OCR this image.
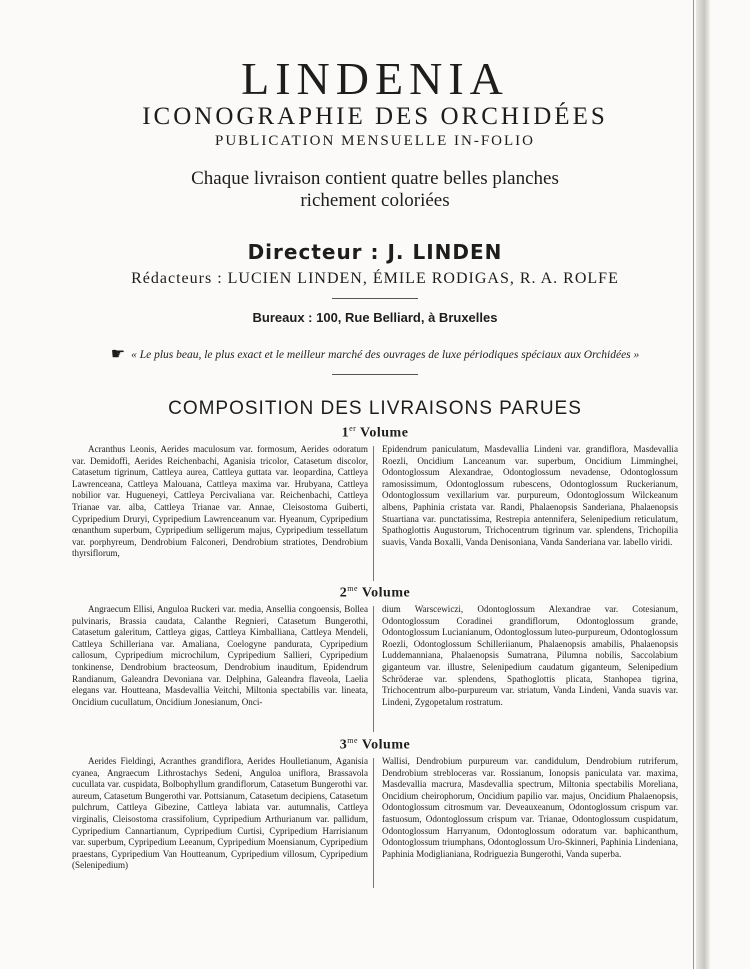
LINDENIA
ICONOGRAPHIE DES ORCHIDÉES
PUBLICATION MENSUELLE IN-FOLIO
Chaque livraison contient quatre belles planches
richement coloriées
Directeur : J. LINDEN
Rédacteurs : LUCIEN LINDEN, ÉMILE RODIGAS, R. A. ROLFE
Bureaux : 100, Rue Belliard, à Bruxelles
☛ « Le plus beau, le plus exact et le meilleur marché des ouvrages de luxe périodiques spéciaux aux Orchidées »
COMPOSITION DES LIVRAISONS PARUES
1er Volume

Acranthus Leonis, Aerides maculosum var. formosum, Aerides odoratum var. Demidoffi, Aerides Reichenbachi, Aganisia tricolor, Catasetum discolor, Catasetum tigrinum, Cattleya aurea, Cattleya guttata var. leopardina, Cattleya Lawrenceana, Cattleya Malouana, Cattleya maxima var. Hrubyana, Cattleya nobilior var. Hugueneyi, Cattleya Percivaliana var. Reichenbachi, Cattleya Trianae var. alba, Cattleya Trianae var. Annae, Cleisostoma Guiberti, Cypripedium Druryi, Cypripedium Lawrenceanum var. Hyeanum, Cypripedium œnanthum superbum, Cypripedium selligerum majus, Cypripedium tessellatum var. porphyreum, Dendrobium Falconeri, Dendrobium stratiotes, Dendrobium thyrsiflorum,

Epidendrum paniculatum, Masdevallia Lindeni var. grandiflora, Masdevallia Roezli, Oncidium Lanceanum var. superbum, Oncidium Limminghei, Odontoglossum Alexandrae, Odontoglossum nevadense, Odontoglossum ramosissimum, Odontoglossum rubescens, Odontoglossum Ruckerianum, Odontoglossum vexillarium var. purpureum, Odontoglossum Wilckeanum albens, Paphinia cristata var. Randi, Phalaenopsis Sanderiana, Phalaenopsis Stuartiana var. punctatissima, Restrepia antennifera, Selenipedium reticulatum, Spathoglottis Augustorum, Trichocentrum tigrinum var. splendens, Trichopilia suavis, Vanda Boxalli, Vanda Denisoniana, Vanda Sanderiana var. labello viridi.

$2^{me}$ Volume

Angraecum Ellisi, Anguloa Ruckeri var. media, Ansellia congoensis, Bollea pulvinaris, Brassia caudata, Calanthe Regnieri, Catasetum Bungerothi, Catasetum galeritum, Cattleya gigas, Cattleya Kimballiana, Cattleya Mendeli, Cattleya Schilleriana var. Amaliana, Coelogyne pandurata, Cypripedium callosum, Cypripedium microchilum, Cypripedium Sallieri, Cypripedium tonkinense, Dendrobium bracteosum, Dendrobium inauditum, Epidendrum Randianum, Galeandra Devoniana var. Delphina, Galeandra flaveola, Laelia elegans var. Houtteana, Masdevallia Veitchi, Miltonia spectabilis var. lineata, Oncidium cucullatum, Oncidium Jonesianum, Onci-

dium Warscewiczi, Odontoglossum Alexandrae var. Cotesianum, Odontoglossum Coradinei grandiflorum, Odontoglossum grande, Odontoglossum Lucianianum, Odontoglossum luteo-purpureum, Odontoglossum Roezli, Odontoglossum Schilleriianum, Phalaenopsis amabilis, Phalaenopsis Luddemanniana, Phalaenopsis Sumatrana, Pilumna nobilis, Saccolabium giganteum var. illustre, Selenipedium caudatum giganteum, Selenipedium Schröderae var. splendens, Spathoglottis plicata, Stanhopea tigrina, Trichocentrum albo-purpureum var. striatum, Vanda Lindeni, Vanda suavis var. Lindeni, Zygopetalum rostratum.

$3^{me}$ Volume

Aerides Fieldingi, Acranthes grandiflora, Aerides Houlletianum, Aganisia cyanea, Angraecum Lithrostachys Sedeni, Anguloa uniflora, Brassavola cucullata var. cuspidata, Bolbophyllum grandiflorum, Catasetum Bungerothi var. aureum, Catasetum Bungerothi var. Pottsianum, Catasetum decipiens, Catasetum pulchrum, Cattleya Gibezine, Cattleya labiata var. autumnalis, Cattleya virginalis, Cleisostoma crassifolium, Cypripedium Arthurianum var. pallidum, Cypripedium Cannartianum, Cypripedium Curtisi, Cypripedium Harrisianum var. superbum, Cypripedium Leeanum, Cypripedium Moensianum, Cypripedium praestans, Cypripedium Van Houtteanum, Cypripedium villosum, Cypripedium (Selenipedium)

Wallisi, Dendrobium purpureum var. candidulum, Dendrobium rutriferum, Dendrobium strebloceras var. Rossianum, Ionopsis paniculata var. maxima, Masdevallia macrura, Masdevallia spectrum, Miltonia spectabilis Moreliana, Oncidium cheirophorum, Oncidium papilio var. majus, Oncidium Phalaenopsis, Odontoglossum citrosmum var. Deveauxeanum, Odontoglossum crispum var. fastuosum, Odontoglossum crispum var. Trianae, Odontoglossum cuspidatum, Odontoglossum Harryanum, Odontoglossum odoratum var. baphicanthum, Odontoglossum triumphans, Odontoglossum Uro-Skinneri, Paphinia Lindeniana, Paphinia Modiglianiana, Rodriguezia Bungerothi, Vanda superba.
